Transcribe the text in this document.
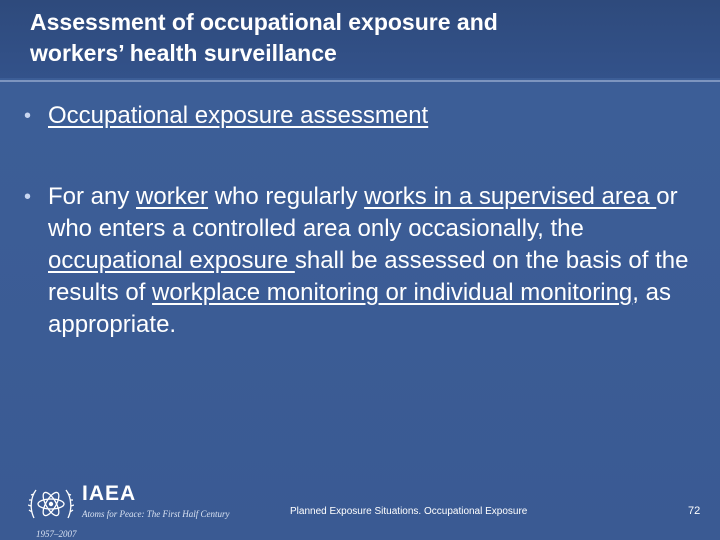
Assessment of occupational exposure and
workers’ health surveillance
• Occupational exposure assessment
• For any worker who regularly works in a supervised area or who enters a controlled area only occasionally, the occupational exposure shall be assessed on the basis of the results of workplace monitoring or individual monitoring, as appropriate.
IAEA
Atoms for Peace: The First Half Century
1957–2007
Planned Exposure Situations. Occupational Exposure	72
